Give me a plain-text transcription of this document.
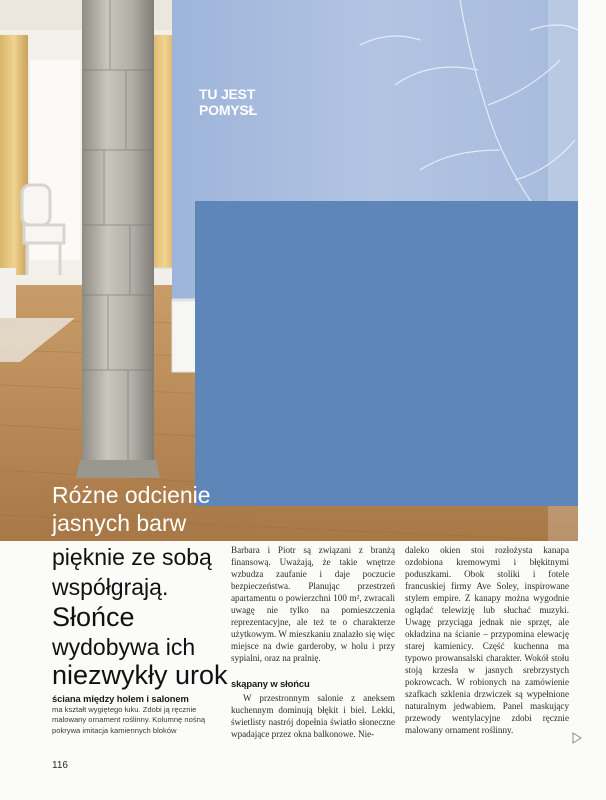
TU JEST
POMYSŁ
Różne odcienie
jasnych barw
pięknie ze sobą
współgrają.
Słońce
wydobywa ich
niezwykły urok
ściana między holem i salonem
ma kształt wygiętego łuku. Zdobi ją ręcznie malowany ornament roślinny. Kolumnę nośną pokrywa imitacja kamiennych bloków

Barbara i Piotr są związani z branżą finansową. Uważają, że takie wnętrze wzbudza zaufanie i daje poczucie bezpieczeństwa. Planując przestrzeń apartamentu o powierzchni 100 m², zwracali uwagę nie tylko na pomieszczenia reprezentacyjne, ale też te o charakterze użytkowym. W mieszkaniu znalazło się więc miejsce na dwie garderoby, w holu i przy sypialni, oraz na pralnię.

skąpany w słońcu

W przestronnym salonie z aneksem kuchennym dominują błękit i biel. Lekki, świetlisty nastrój dopełnia światło słoneczne wpadające przez okna balkonowe. Nie-

daleko okien stoi rozłożysta kanapa ozdobiona kremowymi i błękitnymi poduszkami. Obok stoliki i fotele francuskiej firmy Ave Soley, inspirowane stylem empire. Z kanapy można wygodnie oglądać telewizję lub słuchać muzyki. Uwagę przyciąga jednak nie sprzęt, ale okładzina na ścianie – przypomina elewację starej kamienicy. Część kuchenna ma typowo prowansalski charakter. Wokół stołu stoją krzesła w jasnych srebrzystych pokrowcach. W robionych na zamówienie szafkach szklenia drzwiczek są wypełnione naturalnym jedwabiem. Panel maskujący przewody wentylacyjne zdobi ręcznie malowany ornament roślinny.

116
